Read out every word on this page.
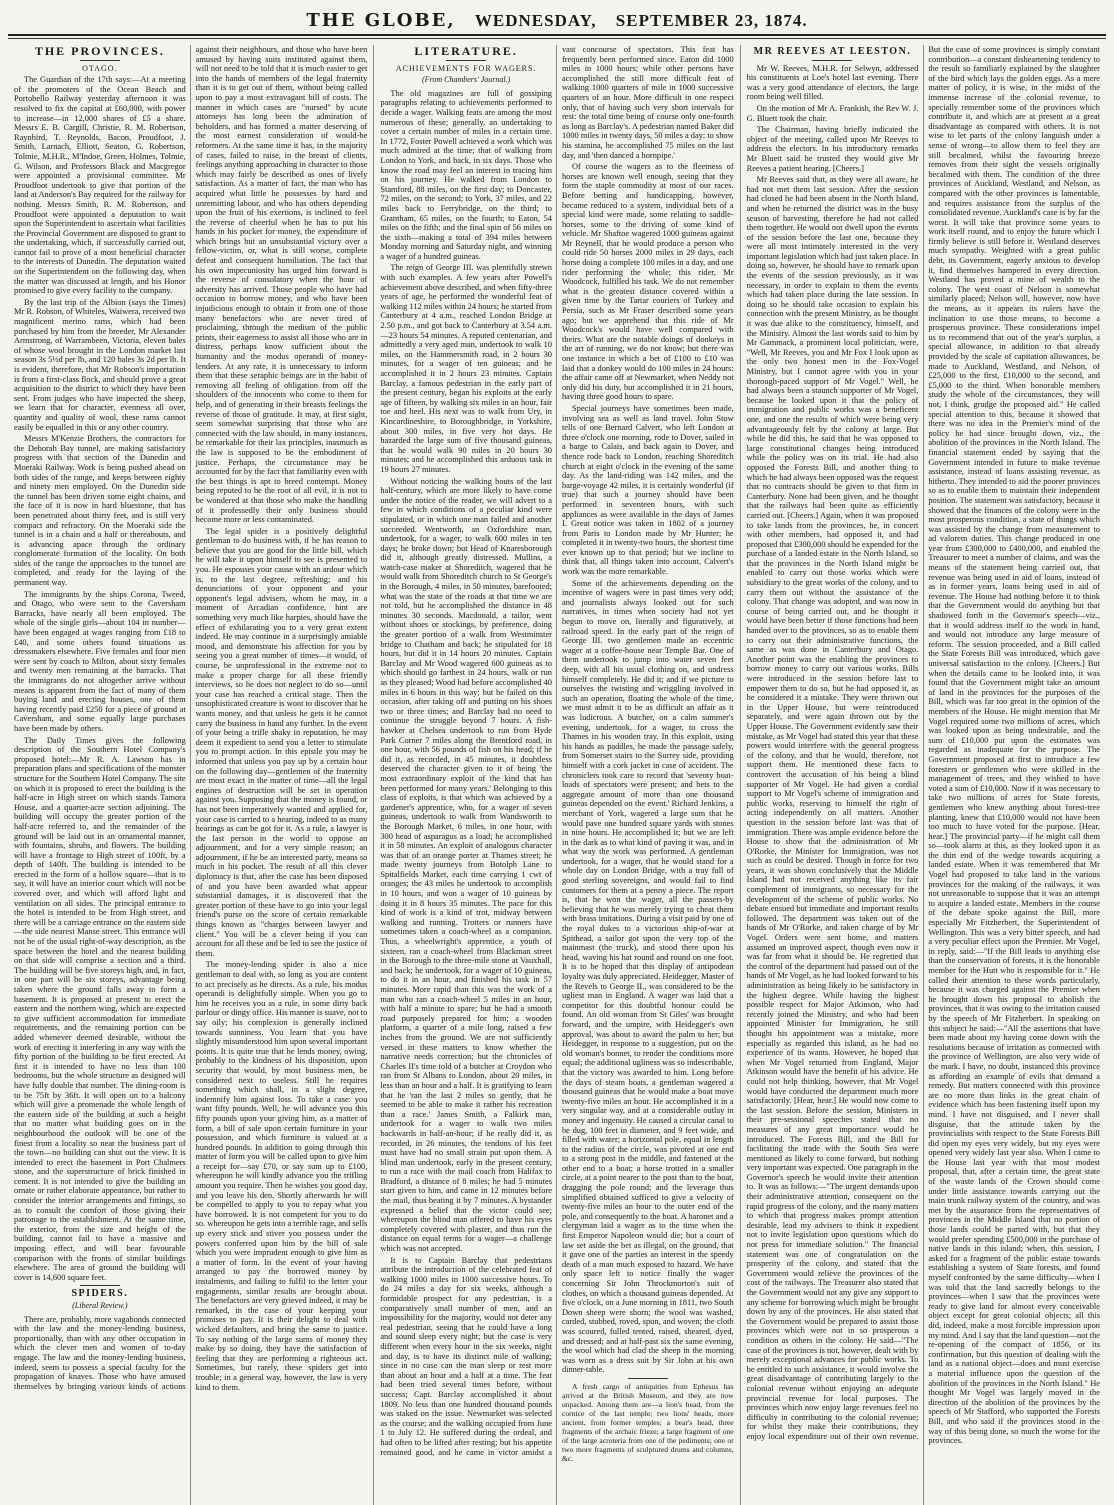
THE GLOBE, WEDNESDAY, SEPTEMBER 23, 1874.
THE PROVINCES.
OTAGO.

The Guardian of the 17th says:—At a meeting of the promoters of the Ocean Beach and Portobello Railway yesterday afternoon it was resolved to fix the capital at £60,000, with power to increase—in 12,000 shares of £5 a share. Messrs E. B. Cargill, Christie, R. M. Robertson, Raynbird, T. Reynolds, Bacon, Proudfoot, J. Smith, Larnach, Elliott, Seaton, G. Robertson, Tolmie, M.H.R., M'Indoe, Green, Holmes, Tolmie, G. Wilson, and Professors Black and Macgregor were appointed a provisional committee. Mr Proudfoot undertook to give that portion of the land at Anderson's Bay required for the railway for nothing. Messrs Smith, R. M. Robertson, and Proudfoot were appointed a deputation to wait upon the Superintendent to ascertain what facilities the Provincial Government are disposed to grant to the undertaking, which, if successfully carried out, cannot fail to prove of a most beneficial character to the interests of Dunedin. The deputation waited on the Superintendent on the following day, when the matter was discussed at length, and his Honor promised to give every facility to the company.

By the last trip of the Albion (says the Times) Mr R. Robson, of Whiteles, Waiwera, received two magnificent merino rams, which had been purchased by him from the breeder, Mr Alexander Armstrong, of Warrambeen, Victoria, eleven bales of whose wool brought in the London market last season 3s 5½d per lb, and 120 bales 3s 2d per lb. It is evident, therefore, that Mr Robson's importation is from a first-class flock, and should prove a great acquisition to the district to which they have been sent. From judges who have inspected the sheep, we learn that for character, evenness all over, quantity and quality of wool, these rams cannot easily be equalled in this or any other country.

Messrs M'Kenzie Brothers, the contractors for the Deborah Bay tunnel, are making satisfactory progress with that section of the Dunedin and Moeraki Railway. Work is being pushed ahead on both sides of the range, and keeps between eighty and ninety men employed. On the Dunedin side the tunnel has been driven some eight chains, and the face of it is now in hard bluestone, that has been penetrated about thirty feet, and is still very compact and refractory. On the Moeraki side the tunnel is in a chain and a half or thereabouts, and is advancing apace through the ordinary conglomerate formation of the locality. On both sides of the range the approaches to the tunnel are completed, and ready for the laying of the permanent way.

The immigrants by the ships Corona, Tweed, and Otago, who were sent to the Caversham Barracks, have nearly all been employed. The whole of the single girls—about 104 in number—have been engaged at wages ranging from £18 to £40, and some others found situations as dressmakers elsewhere. Five females and four men were sent by coach to Milton, about sixty females and twenty men remaining at the barracks. That the immigrants do not altogether arrive without means is apparent from the fact of many of them buying land and erecting houses, one of them having recently paid £250 for a piece of ground at Caversham, and some equally large purchases have been made by others.

The Daily Times gives the following description of the Southern Hotel Company's proposed hotel:—Mr R. A. Lawson has in preparation plans and specifications of the monster structure for the Southern Hotel Company. The site on which it is proposed to erect the building is the half-acre in High street on which stands Tamora House, and a quarter-acre section adjoining. The building will occupy the greater portion of the half-acre referred to, and the remainder of the ground will be laid out in an ornamental manner, with fountains, shrubs, and flowers. The building will have a frontage to High street of 100ft, by a depth of 140ft. The building is intended to be erected in the form of a hollow square—that is to say, it will have an interior court which will not be covered over, and which will afford light and ventilation on all sides. The principal entrance to the hotel is intended to be from High street, and there will be a carriage entrance on the eastern side—the side nearest Manse street. This entrance will not be of the usual right-of-way description, as the space between the hotel and the nearest building on that side will comprise a section and a third. The building will be five storeys high, and, in fact, in one part will be six storeys, advantage being taken where the ground falls away to form a basement. It is proposed at present to erect the eastern and the northern wing, which are expected to give sufficient accommodation for immediate requirements, and the remaining portion can be added whenever deemed desirable, without the work of erecting it interfering in any way with the fifty portion of the building to be first erected. At first it is intended to have no less than 100 bedrooms, but the whole structure as designed will have fully double that number. The dining-room is to be 75ft by 36ft. It will open on to a balcony which will give a promenade the whole length of the eastern side of the building at such a height that no matter what building goes on in the neighbourhood the outlook will be one of the finest from a locality so near the business part of the town—no building can shut out the view. It is intended to erect the basement in Port Chalmers stone, and the superstructure of brick finished in cement. It is not intended to give the building an ornate or rather elaborate appearance, but rather to consider the interior arrangements and fittings, so as to consult the comfort of those giving their patronage to the establishment. At the same time, the exterior, from the size and height of the building, cannot fail to have a massive and imposing effect, and will bear favourable comparison with the fronts of similar buildings elsewhere. The area of ground the building will cover is 14,600 square feet.

SPIDERS.
(Liberal Review.)

There are, probably, more vagabonds connected with the law and the money-lending business, proportionally, than with any other occupation in which the clever men and women of to-day engage. The law and the money-lending business, indeed, seem to possess a special faculty for the propagation of knaves. Those who have amused themselves by bringing various kinds of actions against their neighbours, and those who have been amused by having suits instituted against them, will not need to be told that it is much easier to get into the hands of members of the legal fraternity than it is to get out of them, without being called upon to pay a most extravagant bill of costs. The manner in which cases are "nursed" by acute attorneys has long been the admiration of beholders, and has formed a matter deserving of the most earnest consideration of would-be reformers. At the same time it has, in the majority of cases, failed to raise, in the breast of clients, feelings anything approaching in character to those which may fairly be described as ones of lively satisfaction. As a matter of fact, the man who has acquired what little he possesses by hard and unremitting labour, and who has others depending upon the fruit of his exertions, is inclined to feel the reverse of cheerful when he has to put his hands in his pocket for money, the expenditure of which brings but an unsubstantial victory over a fellow-victim, or, what is still worse, complete defeat and consequent humiliation. The fact that his own impecuniosity has urged him forward is the reverse of consolatory when the hour of adversity has arrived. Those people who have had occasion to borrow money, and who have been injudicious enough to obtain it from one of those many benefactors who are never tired of proclaiming, through the medium of the public prints, their eagerness to assist all those who are in distress, perhaps know sufficient about the humanity and the modus operandi of money-lenders. At any rate, it is unnecessary to inform them that these seraphic beings are in the habit of removing all feeling of obligation from off the shoulders of the innocents who come to them for help, and of generating in their breasts feelings the reverse of those of gratitude. It may, at first sight, seem somewhat surprising that those who are connected with the law should, in many instances, be remarkable for their lax principles, inasmuch as the law is supposed to be the embodiment of justice. Perhaps, the circumstance may be accounted for by the fact that familiarity even with the best things is apt to breed contempt. Money being reputed to be the root of all evil, it is not to be wondered at that those who make the handling of it professedly their only business should become more or less contaminated.

The legal spider is a positively delightful gentleman to do business with, if he has reason to believe that you are good for the little bill, which he will take it upon himself to see is presented to you. He espouses your cause with an ardour which is, to the last degree, refreshing; and his denunciations of your opponent and your opponent's legal advisers, whom he may, in a moment of Arcadian confidence, hint are something very much like harpies, should have the effect of exhilarating you to a very great extent indeed. He may continue in a surprisingly amiable mood, and demonstrate his affection for you by seeing you a great number of times—it would, of course, be unprofessional in the extreme not to make a proper charge for all these friendly interviews, so he does not neglect to do so—until your case has reached a critical stage. Then the unsophisticated creature is wont to discover that he wants money, and that unless he gets it he cannot carry the business in hand any further. In the event of your being a trifle shaky in reputation, he may deem it expedient to send you a letter to stimulate you to prompt action. In this epistle you may be informed that unless you pay up by a certain hour on the following day—gentlemen of the fraternity are most exact in the matter of time—all the legal engines of destruction will be set in operation against you. Supposing that the money is found, or has not been imperatively wanted and applied for, your case is carried to a hearing, indeed to as many hearings as can be got for it. As a rule, a lawyer is the last person in the world to oppose an adjournment, and for a very simple reason; an adjournment, if he be an interested party, means so much in his pocket. The result of all this clever diplomacy is that, after the case has been disposed of and you have been awarded what appear substantial damages, it is discovered that the greater portion of these have to go into your legal friend's purse on the score of certain remarkable things known as "charges between lawyer and client." You will be a clever being if you can account for all these and be led to see the justice of them.

The money-lending spider is also a nice gentleman to deal with, so long as you are content to act precisely as he directs. As a rule, his modus operandi is delightfully simple. When you go to him he receives you as a rule, in some dirty back parlour or dingy office. His manner is suave, not to say oily; his complexion is generally inclined towards sunniness. You learn that you have slightly misunderstood him upon several important points. It is quite true that he lends money, owing, probably to the kindness of his disposition, upon security that would, by most business men, be considered next to useless. Still he requires something which shall, in a slight degree, indemnify him against loss. To take a case: you want fifty pounds. Well, he will advance you this fifty pounds upon your giving him, as a matter of form, a bill of sale upon certain furniture in your possession, and which furniture is valued at a hundred pounds. In addition to going through this matter of form you will be called upon to give him a receipt for—say £70, or say sum up to £100, whereupon he will kindly advance you the trifling amount you require. Then he wishes you good day, and you leave his den. Shortly afterwards he will be compelled to apply to you to repay what you have borrowed. It is not competent for you to do so. whereupon he gets into a terrible rage, and sells up every stick and stiver you possess under the powers conferred upon him by the bill of sale which you were imprudent enough to give him as a matter of form. In the event of your having arranged to pay the borrowed money by instalments, and failing to fulfil to the letter your engagements, similar results are brought about. The benefactors are very grieved indeed, it may be remarked, in the case of your keeping your promises to pay. It is their delight to deal with wicked defaulters, and bring the same to justice. To say nothing of the large sums of money they make by so doing, they have the satisfaction of feeling that they are performing a righteous act. Sometimes, but rarely, these spiders get into trouble; in a general way, however, the law is very kind to them.

LITERATURE.
ACHIEVEMENTS FOR WAGERS.
(From Chambers' Journal.)

The old magazines are full of gossiping paragraphs relating to achievements performed to decide a wager. Walking feats are among the most numerous of these; generally, an undertaking to cover a certain number of miles in a certain time. In 1772, Foster Powell achieved a work which was much admired at the time; that of walking from London to York, and back, in six days. Those who know the road may feel an interest in tracing him on his journey. He walked from London to Stamford, 88 miles, on the first day; to Doncaster, 72 miles, on the second; to York, 37 miles, and 22 miles back to Ferrybridge, on the third; to Grantham, 65 miles, on the fourth; to Eaton, 54 miles on the fifth; and the final spin of 56 miles on the sixth—making a total of 394 miles between Monday morning and Saturday night, and winning a wager of a hundred guineas.

The reign of George III. was plentifully strewn with such examples. A few years after Powell's achievement above described, and when fifty-three years of age, he performed the wonderful feat of walking 112 miles within 24 hours; he started from Canterbury at 4 a.m., reached London Bridge at 2.50 p.m., and got back to Canterbury at 3.54 a.m.—23 hours 54 minutes. A reputed centenarian, and admittedly a very aged man, undertook to walk 10 miles, on the Hammersmith road, in 2 hours 30 minutes, for a wager of ten guineas; and he accomplished it in 2 hours 23 minutes. Captain Barclay, a famous pedestrian in the early part of the present century, began his exploits at the early age of fifteen, by walking six miles in an hour, fair toe and heel. His next was to walk from Ury, in Kincardineshire, to Boroughbridge, in Yorkshire, about 300 miles, in five very hot days. He hazarded the large sum of five thousand guineas, that he would walk 90 miles in 20 hours 30 minutes; and he accomplished this arduous task in 19 hours 27 minutes.

Without noticing the walking bouts of the last half-century, which are more likely to have come under the notice of the reader, we will advert to a few in which conditions of a peculiar kind were stipulated, or in which one man failed and another succeeded. Wentworth, an Oxfordshire man, undertook, for a wager, to walk 600 miles in ten days; he broke down; but Head of Knaresborough did it, although greatly distressed. Mullins, a watch-case maker at Shoreditch, wagered that he would walk from Shoreditch church to St George's in the Borough, 4 miles, in 50 minutes, barefooted; what was the state of the roads at that time we are not told, but he accomplished the distance in 48 minutes 30 seconds. Macdonald, a tailor, went without shoes or stockings, by preference, doing the greater portion of a walk from Westminster bridge to Chatham and back; he stipulated for 18 hours, but did it in 14 hours 20 minutes. Captain Barclay and Mr Wood wagered 600 guineas as to which should go farthest in 24 hours, walk or run as they pleased; Wood had before accomplished 40 miles in 6 hours in this way; but he failed on this occasion, after taking off and putting on his shoes two or three times; and Barclay had no need to continue the struggle beyond 7 hours. A fish-hawker at Chelsea undertook to run from Hyde Park Corner 7 miles along the Brentford road, in one hour, with 56 pounds of fish on his head; if he did it, as recorded, in 45 minutes, it doubtless deserved the character given to it of being 'the most extraordinary exploit of the kind that has been performed for many years.' Belonging to this class of exploits, is that which was achieved by a gardener's apprentice, who, for a wager of seven guineas, undertook to walk from Wandsworth to the Borough Market, 6 miles, in one hour, with 300 head of asparagus as a load; he accomplished it in 58 minutes. An exploit of analogous character was that of an orange porter at Thames street; he made twenty journeys from Botolph Lane to Spitalfields Market, each time carrying 1 cwt of oranges; the 43 miles he undertook to accomplish in 10 hours, and won a wager of 10 guineas by doing it in 8 hours 35 minutes. The pace for this kind of work is a kind of trot, midway between walking and running. Trotters or runners have sometimes taken a coach-wheel as a companion. Thus, a wheelwright's apprentice, a youth of sixteen, ran a coach-wheel from Blackman street in the Borough to the three-mile stone at Vauxhall, and back; he undertook, for a wager of 10 guineas, to do it in an hour, and finished his task in 57 minutes. More rapid than this was the work of a man who ran a coach-wheel 5 miles in an hour, with half a minute to spare; but he had a smooth road purposely prepared for him; a wooden platform, a quarter of a mile long, raised a few inches from the ground. We are not sufficiently versed in these matters to know whether the narrative needs correction; but the chronicles of Charles II's time told of a butcher at Croydon who ran from St Albans to London, about 20 miles, in less than an hour and a half. It is gratifying to learn that he 'ran the last 2 miles so gently, that he seemed to be able to make it rather his recreation than a race.' James Smith, a Falkirk man, undertook for a wager to walk two miles backwards in half-an-hour; if he really did it, as recorded, in 26 minutes, the tendons of his feet must have had no small strain put upon them. A blind man undertook, early in the present century, to run a race with the mail coach from Halifax to Bradford, a distance of 8 miles; he had 5 minutes start given to him, and came in 12 minutes before the mail, thus beating it by 7 minutes. A bystander expressed a belief that the victor could see; whereupon the blind man offered to have his eyes completely covered with plaster, and thus run the distance on equal terms for a wager—a challenge which was not accepted.

It is to Captain Barclay that pedestrians attribute the introduction of the celebrated feat of walking 1000 miles in 1000 successive hours. To do 24 miles a day for six weeks, although a formidable prospect for any pedestrian, is a comparatively small number of men, and an impossibility for the majority, would not deter any real pedestrian, seeing that he could have a long and sound sleep every night; but the case is very different when every hour in the six weeks, night and day, is to have its distinct mile of walking; since in no case can the man sleep or rest more than about an hour and a half at a time. The feat had been tried several times before, without success; Capt. Barclay accomplished it about 1809. No less than one hundred thousand pounds was staked on the issue. Newmarket was selected as the course; and the walking occupied from June 1 to July 12. He suffered during the ordeal, and had often to be lifted after resting; but his appetite remained good, and he came in victor amidst a vast concourse of spectators. This feat has frequently been performed since. Eaton did 1000 miles in 1000 hours; while other persons have accomplished the still more difficult feat of walking 1000 quarters of mile in 1000 successive quarters of an hour. More difficult in one respect only, that of having such very short intervals for rest: the total time being of course only one-fourth as long as Barclay's. A pedestrian named Baker did 1000 miles in twenty days, 50 miles a day: to show his stamina, he accomplished 75 miles on the last day, and 'then danced a hornpipe.'

Of course the wagers as to the fleetness of horses are known well enough, seeing that they form the staple commodity at most of our races. Before betting and handicapping, however, became reduced to a system, individual bets of a special kind were made, some relating to saddle-horses, some to the driving of some kind of vehicle. Mr Shaftoe wagered 1000 guineas against Mr Reynell, that he would produce a person who could ride 50 horses 2000 miles in 29 days, each horse doing a complete 100 miles in a day, and one rider performing the whole; this rider, Mr Woodcock, fulfilled his task. We do not remember what is the greatest distance covered within a given time by the Tartar couriers of Turkey and Persia, such as Mr Fraser described some years ago; but we apprehend that this ride of Mr Woodcock's would have well compared with theirs. What are the notable doings of donkeys in the art of running, we do not know; but there was one instance in which a bet of £100 to £10 was laid that a donkey would do 100 miles in 24 hours: the affair came off at Newmarket, when Neddy not only did his duty, but accomplished it in 21 hours, having three good hours to spare.

Special journeys have sometimes been made, involving sea as well as land travel. John Stow tells of one Bernard Calvert, who left London at three o'clock one morning, rode to Dover, sailed in a barge to Calais, and back again to Dover, and thence rode back to London, reaching Shoreditch church at eight o'clock in the evening of the same day. As the land-riding was 142 miles, and the barge-voyage 42 miles, it is certainly wonderful (if true) that such a journey should have been performed in seventeen hours, with such appliances as were available in the days of James I. Great notice was taken in 1802 of a journey from Paris to London made by Mr Hunter; he completed it in twenty-two hours, the shortest time ever known up to that period; but we incline to think that, all things taken into account, Calvert's work was the more remarkable.

Some of the achievements depending on the incentive of wagers were in past times very odd; and journalists always looked out for such narratives, in times when society had not yet begun to move on, literally and figuratively, at railroad speed. In the early part of the reign of George III. two gentlemen made an eccentric wager at a coffee-house near Temple Bar. One of them undertook to jump into water seven feet deep, with all his usual clothing on, and undress himself completely. He did it; and if we picture to ourselves the twisting and wriggling involved in such an operation, floating the whole of the time, we must admit it to be as difficult an affair as it was ludicrous. A butcher, on a calm summer's evening, undertook, for a wager, to cross the Thames in his wooden tray. In this exploit, using his hands as paddles, he made the passage safely, from Somerset stairs to the Surrey side, providing himself with a cork jacket in case of accident. The chroniclers took care to record that 'seventy boat-loads of spectators were present; and bets to the aggregate amount of more than one thousand guineas depended on the event.' Richard Jenkins, a merchant of York, wagered a large sum that he would pave one hundred square yards with stones in nine hours. He accomplished it; but we are left in the dark as to what kind of paving it was, and in what way the work was performed. A gentleman undertook, for a wager, that he would stand for a whole day on London Bridge, with a tray full of good sterling sovereigns, and would fail to find customers for them at a penny a piece. The report is, that he won the wager, all the passers-by believing that he was merely trying to cheat them with brass imitations. During a visit paid by one of the royal dukes to a victorious ship-of-war at Spithead, a sailor got upon the very top of the mainmast (the truck), and stood there upon his head, waving his hat round and round on one foot. It is to be hoped that this display of antipodean loyalty was duly appreciated. Heidegger, Master of the Revels to George II., was considered to be the ugliest man in England. A wager was laid that a competitor for this doubtful honour could be found. An old woman from St Giles' was brought forward, and the umpire, with Heidegger's own approval, was about to award the palm to her; but Heidegger, in response to a suggestion, put on the old woman's bonnet, to render the conditions more equal; the additional ugliness was so indescribable, that the victory was awarded to him. Long before the days of steam boats, a gentleman wagered a thousand guineas that he would make a boat move twenty-five miles an hour. He accomplished it in a very singular way, and at a considerable outlay in money and ingenuity. He caused a circular canal to be dug, 100 feet in diameter, and 9 feet wide, and filled with water; a horizontal pole, equal in length to the radius of the circle, was pivoted at one end to a strong post in the middle, and fastened at the other end to a boat; a horse trotted in a smaller circle, at a point nearer to the post than to the boat, dragging the pole round; and the leverage thus simplified obtained sufficed to give a velocity of twenty-five miles an hour to the outer end of the pole, and consequently to the boat. A baronet and a clergyman laid a wager as to the time when the first Emperor Napoleon would die; but a court of law set aside the bet as illegal, on the ground, that it gave one of the parties an interest in the speedy death of a man much exposed to hazard. We have only space left to notice finally the wager concerning Sir John Throckmorton's suit of clothes, on which a thousand guineas depended. At five o'clock, on a June morning in 1811, two South Down sheep were shorn; the wool was washed, carded, stubbed, roved, spun, and woven; the cloth was scoured, fulled tented, raised, sheared, dyed, and dressed; and at half-past six the same evening, the wool which had clad the sheep in the morning was worn as a dress suit by Sir John at his own dinner-table.

A fresh cargo of antiquities from Ephesus has arrived at the British Museum, and they are now unpacked. Among them are—a lion's head, from the cornice of the last temple; two lions' heads, more ancient, from former temples; a bear's head, three fragments of the archaic frieze; a large fragment of one of the large acroteria from one of the pediments; one or two more fragments of sculptured drums and columns, &c.

MR REEVES AT LEESTON.

Mr W. Reeves, M.H.R. for Selwyn, addressed his constituents at Loe's hotel last evening. There was a very good attendance of electors, the large room being well filled.

On the motion of Mr A. Frankish, the Rev W. J. G. Bluett took the chair.

The Chairman, having briefly indicated the object of the meeting, called upon Mr Reeves to address the electors. In his introductory remarks Mr Bluett said he trusted they would give Mr Reeves a patient hearing. [Cheers.]

Mr Reeves said that, as they were all aware, he had not met them last session. After the session had closed he had been absent in the North Island, and when he returned the district was in the busy season of harvesting, therefore he had not called them together. He would not dwell upon the events of the session before the last one, because they were all most intimately interested in the very important legislation which had just taken place. In doing so, however, he should have to remark upon the events of the session previously, as it was necessary, in order to explain to them the events which had taken place during the late session. In doing so he should take occasion to explain his connection with the present Ministry, as he thought it was due alike to the constituency, himself, and the Ministry. Almost the last words said to him by Mr Gammack, a prominent local politician, were, "Well, Mr Reeves, you and Mr Fox I look upon as the only two honest men in the Fox-Vogel Ministry, but I cannot agree with you in your thorough-paced support of Mr Vogel." Well, he had always been a staunch supporter of Mr Vogel, because he looked upon it that the policy of immigration and public works was a beneficent one, and one the results of which were being very advantageously felt by the colony at large. But while he did this, he said that he was opposed to large constitutional changes being introduced while the policy was on its trial. He had also opposed the Forests Bill, and another thing to which he had always been opposed was the request that no contracts should be given to that firm in Canterbury. None had been given, and he thought that the railways had been quite as efficiently carried out. [Cheers.] Again, when it was proposed to take lands from the provinces, he, in concert with other members, had opposed it, and had proposed that £300,000 should be expended for the purchase of a landed estate in the North Island, so that the provinces in the North Island might be enabled to carry out those works which were subsidiary to the great works of the colony, and to carry them out without the assistance of the colony. That change was adopted, and was now in course of being carried out, and he thought it would have been better if those functions had been handed over to the provinces, so as to enable them to carry out their administrative functions, the same as was done in Canterbury and Otago. Another point was the enabling the provinces to borrow money to carry out various works. Bills were introduced in the session before last to empower them to do so, but he had opposed it, as he considered it a mistake. They were thrown out in the Upper House, but were reintroduced separately, and were again thrown out by the Upper House. The Government evidently saw their mistake, as Mr Vogel had stated this year that these powers would interfere with the general progress of the colony, and that he would, therefore, not support them. He mentioned these facts to controvert the accusation of his being a blind supporter of Mr Vogel. He had given a cordial support to Mr Vogel's scheme of immigration and public works, reserving to himself the right of acting independently on all matters. Another question in the session before last was that of immigration. There was ample evidence before the House to show that the administration of Mr O'Rorke, the Minister for Immigration, was not such as could be desired. Though in force for two years, it was shown conclusively that the Middle Island had not received anything like its fair complement of immigrants, so necessary for the development of the scheme of public works. No debate ensued but immediate and important results followed. The department was taken out of the hands of Mr O'Rorke, and taken charge of by Mr Vogel. Orders were sent home, and matters assumed an improved aspect, though even now it was far from what it should be. He regretted that the control of the department had passed out of the hands of Mr Vogel, as he had looked forward to his administration as being likely to be satisfactory in the highest degree. While having the highest possible respect for Major Atkinson, who had recently joined the Ministry, and who had been appointed Minister for Immigration, he still thought his appointment was a mistake, more especially as regarded this island, as he had no experience of its wants. However, he hoped that when Mr Vogel returned from England, Major Atkinson would have the benefit of his advice. He could not help thinking, however, that Mr Vogel would have conducted the department much more satisfactorily. [Hear, hear.] He would now come to the last session. Before the session, Ministers in their pre-sessional speeches stated that no measures of any great importance would be introduced. The Forests Bill, and the Bill for facilitating the trade with the South Sea were mentioned as likely to come forward, but nothing very important was expected. One paragraph in the Governor's speech he would invite their attention to. It was as follows:—"The urgent demands upon their administrative attention, consequent on the rapid progress of the colony, and the many matters to which that progress makes prompt attention desirable, lead my advisers to think it expedient not to invite legislation upon questions which do not press for immediate solution." The financial statement was one of congratulation on the prosperity of the colony, and stated that the Government would relieve the provinces of the cost of the railways. The Treasurer also stated that the Government would not any give any support to any scheme for borrowing which might be brought down by any of the provinces. He also stated that the Government would be prepared to assist those provinces which were not in so prosperous a condition as others in the colony. He said—"The case of the provinces is not, however, dealt with by merely exceptional advances for public works. To be entitled to such assistance, it would involve the great disadvantage of contributing largely to the colonial revenue without enjoying an adequate provincial revenue for local purposes. The provinces which now enjoy large revenues feel no difficulty in contributing to the colonial revenue; for whilst they make their contributions, they enjoy local expenditure out of their own revenue. But the case of some provinces is simply constant contribution—a constant disheartening tendency to the result so familiarly explained by the slaughter of the bird which lays the golden eggs. As a mere matter of policy, it is wise, in the midst of the immense increase of the colonial revenue, to specially remember some of the provinces which contribute it, and which are at present at a great disadvantage as compared with others. It is not wise to let parts of the colony languish under a sense of wrong—to allow them to feel they are still becalmed, whilst the favouring breeze removes from their sight the vessels originally becalmed with them. The condition of the three provinces of Auckland, Westland, and Nelson, as compared with the other provinces is lamentable, and requires assistance from the surplus of the consolidated revenue. Auckland's case is by far the worst. It will take that province some years to work itself round, and to enjoy the future which I firmly believe is still before it. Westland deserves much sympathy. Weighted with a great public debt, its Government, eagerly anxious to develop it, find themselves hampered in every direction. Westland has proved a mine of wealth to the colony. The west coast of Nelson is somewhat similarly placed; Nelson will, however, now have the means, as it appears its rulers have the inclination to use those means, to become a prosperous province. These considerations impel us to recommend that out of the year's surplus, a special allowance, in addition to that already provided by the scale of capitation allowances, be made to Auckland, Westland, and Nelson, of £25,000 to the first, £10,000 to the second, and £5,000 to the third. When honorable members study the whole of the circumstances, they will not, I think, grudge the proposed aid." He called special attention to this, because it showed that there was no idea in the Premier's mind of the policy he had since brought down, viz., the abolition of the provinces in the North Island. The financial statement ended by saying that the Government intended in future to make revenue assistance, instead of loans assisting revenue, as hitherto. They intended to aid the poorer provinces so as to enable them to maintain their independent position. The statement was satisfactory, because it showed that the finances of the colony were in the most prosperous condition, a state of things which was assisted by the change from measurement to ad valorem duties. This change produced in one year from £300,000 to £400,000, and enabled the Treasurer to meet a number of claims, and was the means of the statement being carried out, that revenue was being used in aid of loans, instead of as in former years, loans being used in aid of revenue. The House had nothing before it to think that the Government would do anything but that shadowed forth in the Governor's speech—viz., that it would address itself to the work in hand, and would not introduce any large measure of reform. The session proceeded, and a Bill called the State Forests Bill was introduced, which gave universal satisfaction to the colony. [Cheers.] But when the details came to be looked into, it was found that the Government might take an amount of land in the provinces for the purposes of the Bill, which was far too great in the opinion of the members of the House. He might mention that Mr Vogel required some two millions of acres, which was looked upon as being undesirable, and the sum of £10,000 put upon the estimates was regarded as inadequate for the purpose. The Government proposed at first to introduce a few foresters or gentlemen who were skilled in the management of trees, and they wished to have voted a sum of £10,000. Now if it was necessary to take two millions of acres for State forests, gentlemen who knew anything about forest-tree planting, knew that £10,000 would not have been too much to have voted for the purpose. [Hear, hear.] The provincial party—if he might call them so—took alarm at this, as they looked upon it as the thin end of the wedge towards acquiring a landed estate. When it was remembered that Mr Vogel had proposed to take land in the various provinces for the making of the railways, it was not unreasonable to suppose that it was an attempt to acquire a landed estate. Members in the course of the debate spoke against the Bill, more especially Mr Fitzherbert, the Superintendent of Wellington. This was a very bitter speech, and had a very peculiar effect upon the Premier. Mr Vogel, in reply, said:—"If the Bill leads to anything else than the conservation of forests, it is the honorable member for the Hutt who is responsible for it." He called their attention to these words particularly, because it was charged against the Premier when he brought down his proposal to abolish the provinces, that it was owing to the irritation caused by the speech of Mr Fitzherbert. In speaking on this subject he said:—"All the assertions that have been made about my having come down with the resolutions because of irritation as connected with the province of Wellington, are also very wide of the mark. I have, no doubt, instanced this province as affording an example of evils that demand a remedy. But matters connected with this province are no more than links in the great chain of evidence which has been fastening itself upon my mind. I have not disguised, and I never shall disguise, that the attitude taken by the provincialists with respect to the State Forests Bill did open my eyes very widely, but my eyes were opened very widely last year also. When I came to the House last year with that most modest proposal, that, after a certain time, the great state of the waste lands of the Crown should come under little assistance towards carrying out the main trunk railway system of the country, and was met by the assurance from the representatives of provinces in the Middle Island that no portion of those lands could be parted with, but that they would prefer spending £500,000 in the purchase of native lands in this island; when, this session, I asked for a fragment of the public estate towards establishing a system of State forests, and found myself confronted by the same difficulty—when I was told that the land sacredly belongs to the provinces—when I saw that the provinces were ready to give land for almost every conceivable object except for great colonial objects; all this did, indeed, make a most forcible impression upon my mind. And I say that the land question—not the re-opening of the compact of 1856, or its confirmation, but this question of dealing with the land as a national object—does and must exercise a material influence upon the question of the abolition of the provinces in the North Island." He thought Mr Vogel was largely moved in the direction of the abolition of the provinces by the speech of Mr Stafford, who supported the Forests Bill, and who said if the provinces stood in the way of this being done, so much the worse for the provinces.
